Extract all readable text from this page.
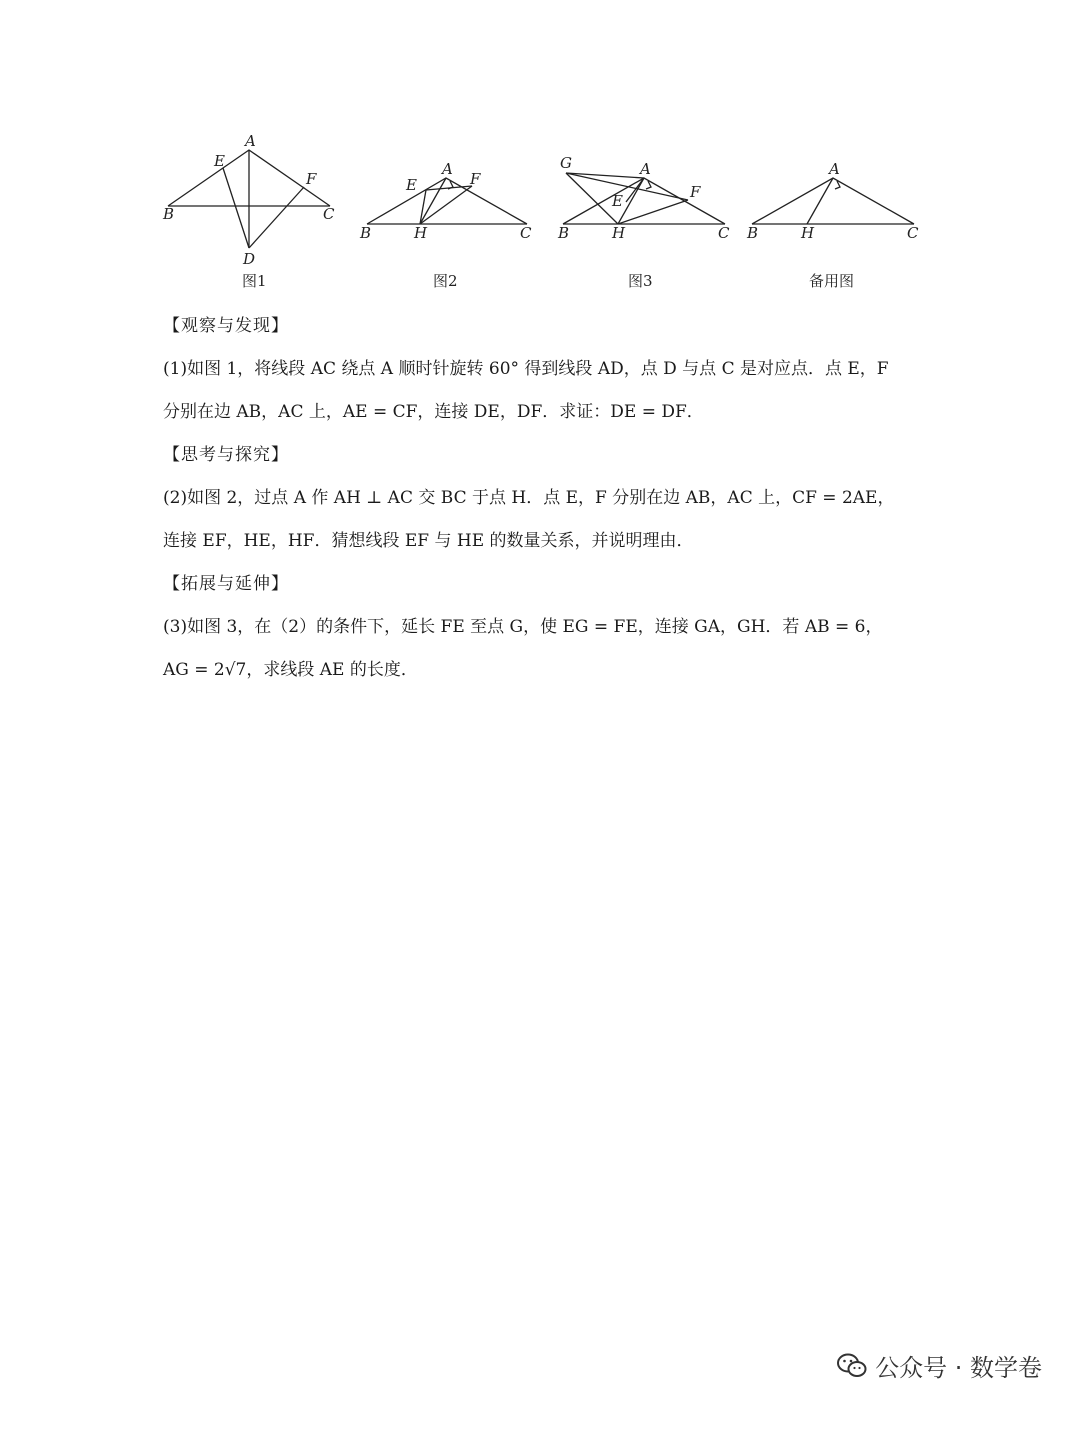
A
E
F
B	C
D
图1
A
E	F
B	H	C
图2
G	A
F
E
B	H	C
图3
A
B	H	C
备用图

【观察与发现】

(1)如图 1，将线段 AC 绕点 A 顺时针旋转 60° 得到线段 AD，点 D 与点 C 是对应点．点 E，F

分别在边 AB，AC 上，AE = CF，连接 DE，DF．求证：DE = DF．

【思考与探究】

(2)如图 2，过点 A 作 AH ⊥ AC 交 BC 于点 H．点 E，F 分别在边 AB，AC 上，CF = 2AE，

连接 EF，HE，HF．猜想线段 EF 与 HE 的数量关系，并说明理由．

【拓展与延伸】

(3)如图 3，在（2）的条件下，延长 FE 至点 G，使 EG = FE，连接 GA，GH．若 AB = 6，

AG = 2√7，求线段 AE 的长度．

公众号 · 数学卷
